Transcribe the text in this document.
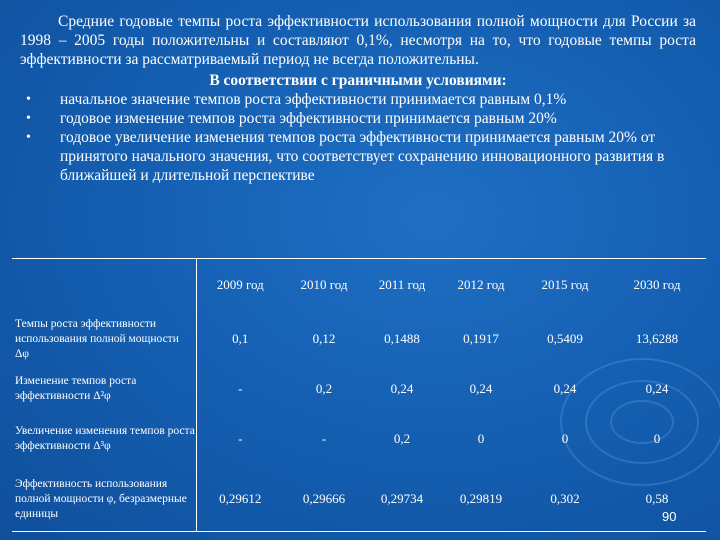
Средние годовые темпы роста эффективности использования полной мощности для России за 1998 – 2005 годы положительны и составляют 0,1%, несмотря на то, что годовые темпы роста эффективности за рассматриваемый период не всегда положительны.

В соответствии с граничными условиями:

• начальное значение темпов роста эффективности принимается равным 0,1%
• годовое изменение темпов роста эффективности принимается равным 20%
• годовое увеличение изменения темпов роста эффективности принимается равным 20% от принятого начального значения, что соответствует сохранению инновационного развития в ближайшей и длительной перспективе
	2009 год	2010 год	2011 год	2012 год	2015 год	2030 год
Темпы роста эффективности использования полной мощности Δφ	0,1	0,12	0,1488	0,1917	0,5409	13,6288
Изменение темпов роста эффективности Δ²φ	-	0,2	0,24	0,24	0,24	0,24
Увеличение изменения темпов роста эффективности Δ³φ	-	-	0,2	0	0	0
Эффективность использования полной мощности φ, безразмерные единицы	0,29612	0,29666	0,29734	0,29819	0,302	0,58
90
